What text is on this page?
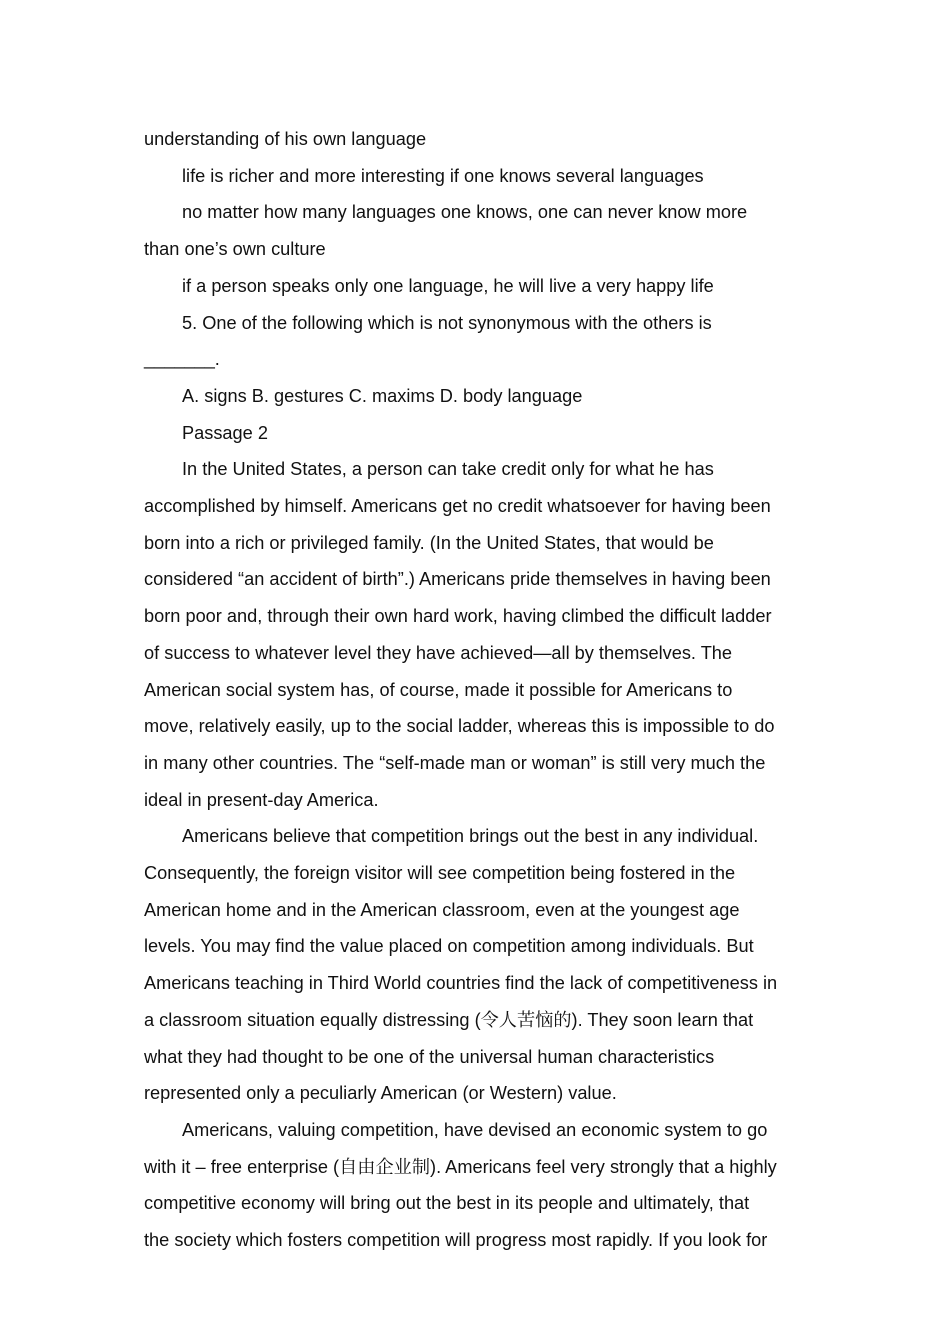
understanding of his own language

life is richer and more interesting if one knows several languages

no matter how many languages one knows, one can never know more

than one’s own culture

if a person speaks only one language, he will live a very happy life

5. One of the following which is not synonymous with the others is

_______.

A. signs B. gestures C. maxims D. body language

Passage 2

In the United States, a person can take credit only for what he has

accomplished by himself. Americans get no credit whatsoever for having been

born into a rich or privileged family. (In the United States, that would be

considered “an accident of birth”.) Americans pride themselves in having been

born poor and, through their own hard work, having climbed the difficult ladder

of success to whatever level they have achieved—all by themselves. The

American social system has, of course, made it possible for Americans to

move, relatively easily, up to the social ladder, whereas this is impossible to do

in many other countries. The “self-made man or woman” is still very much the

ideal in present-day America.

Americans believe that competition brings out the best in any individual.

Consequently, the foreign visitor will see competition being fostered in the

American home and in the American classroom, even at the youngest age

levels. You may find the value placed on competition among individuals. But

Americans teaching in Third World countries find the lack of competitiveness in

a classroom situation equally distressing (令人苦恼的). They soon learn that

what they had thought to be one of the universal human characteristics

represented only a peculiarly American (or Western) value.

Americans, valuing competition, have devised an economic system to go

with it – free enterprise (自由企业制). Americans feel very strongly that a highly

competitive economy will bring out the best in its people and ultimately, that

the society which fosters competition will progress most rapidly. If you look for
